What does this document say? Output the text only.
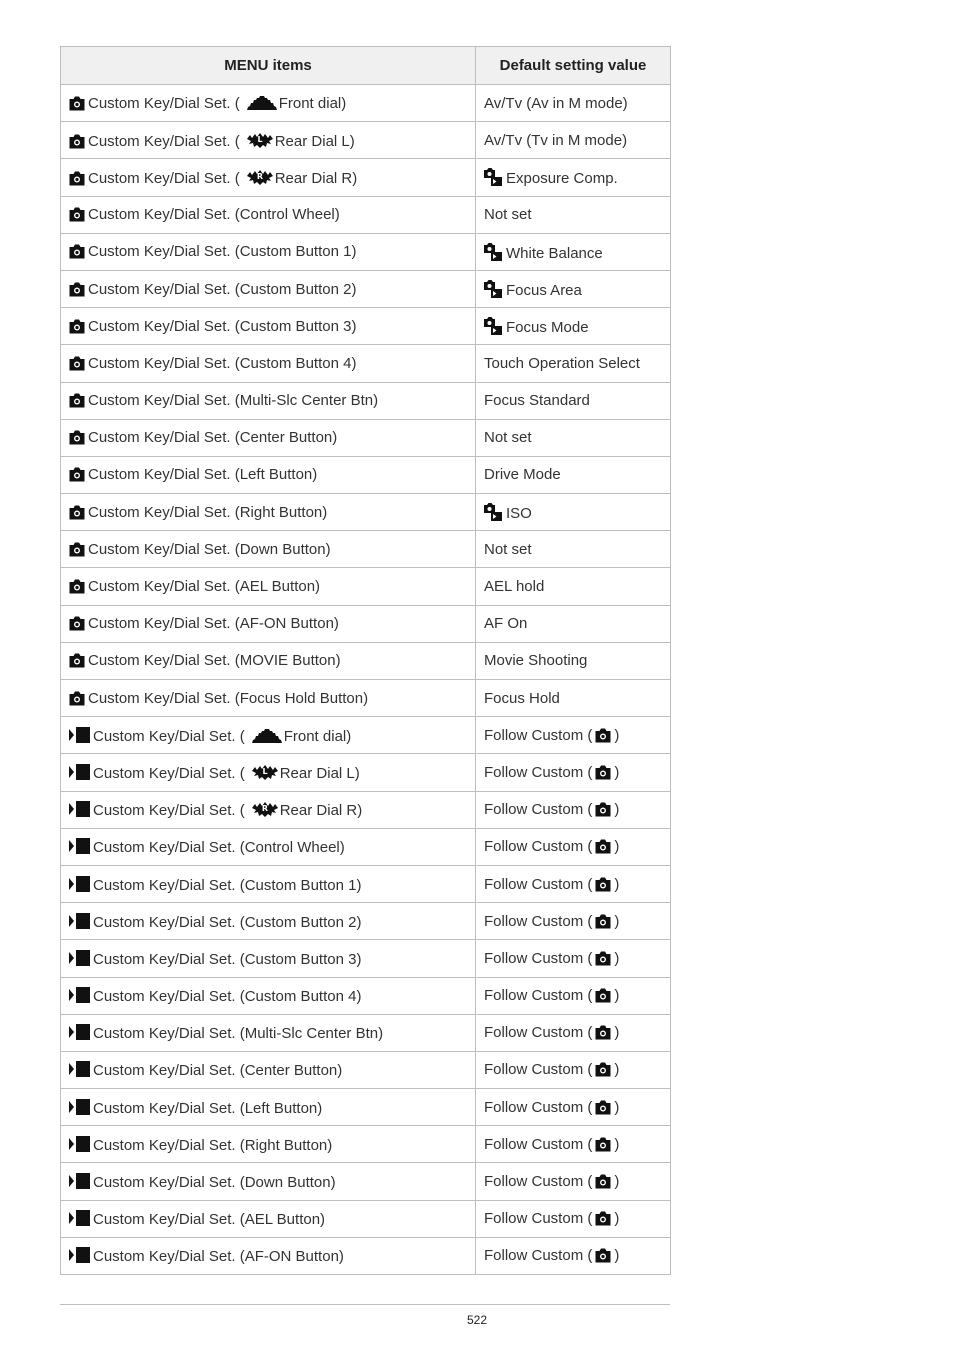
MENU items	Default setting value

Custom Key/Dial Set. ( Front dial)	Av/Tv (Av in M mode)

Custom Key/Dial Set. ( L Rear Dial L)	Av/Tv (Tv in M mode)

Custom Key/Dial Set. ( R Rear Dial R)	Exposure Comp.

Custom Key/Dial Set. (Control Wheel)	Not set

Custom Key/Dial Set. (Custom Button 1)	White Balance

Custom Key/Dial Set. (Custom Button 2)	Focus Area

Custom Key/Dial Set. (Custom Button 3)	Focus Mode

Custom Key/Dial Set. (Custom Button 4)	Touch Operation Select

Custom Key/Dial Set. (Multi-Slc Center Btn)	Focus Standard

Custom Key/Dial Set. (Center Button)	Not set

Custom Key/Dial Set. (Left Button)	Drive Mode

Custom Key/Dial Set. (Right Button)	ISO

Custom Key/Dial Set. (Down Button)	Not set

Custom Key/Dial Set. (AEL Button)	AEL hold

Custom Key/Dial Set. (AF-ON Button)	AF On

Custom Key/Dial Set. (MOVIE Button)	Movie Shooting

Custom Key/Dial Set. (Focus Hold Button)	Focus Hold

Custom Key/Dial Set. ( Front dial)	Follow Custom ( )

Custom Key/Dial Set. ( L Rear Dial L)	Follow Custom ( )

Custom Key/Dial Set. ( R Rear Dial R)	Follow Custom ( )

Custom Key/Dial Set. (Control Wheel)	Follow Custom ( )

Custom Key/Dial Set. (Custom Button 1)	Follow Custom ( )

Custom Key/Dial Set. (Custom Button 2)	Follow Custom ( )

Custom Key/Dial Set. (Custom Button 3)	Follow Custom ( )

Custom Key/Dial Set. (Custom Button 4)	Follow Custom ( )

Custom Key/Dial Set. (Multi-Slc Center Btn)	Follow Custom ( )

Custom Key/Dial Set. (Center Button)	Follow Custom ( )

Custom Key/Dial Set. (Left Button)	Follow Custom ( )

Custom Key/Dial Set. (Right Button)	Follow Custom ( )

Custom Key/Dial Set. (Down Button)	Follow Custom ( )

Custom Key/Dial Set. (AEL Button)	Follow Custom ( )

Custom Key/Dial Set. (AF-ON Button)	Follow Custom ( )
522
